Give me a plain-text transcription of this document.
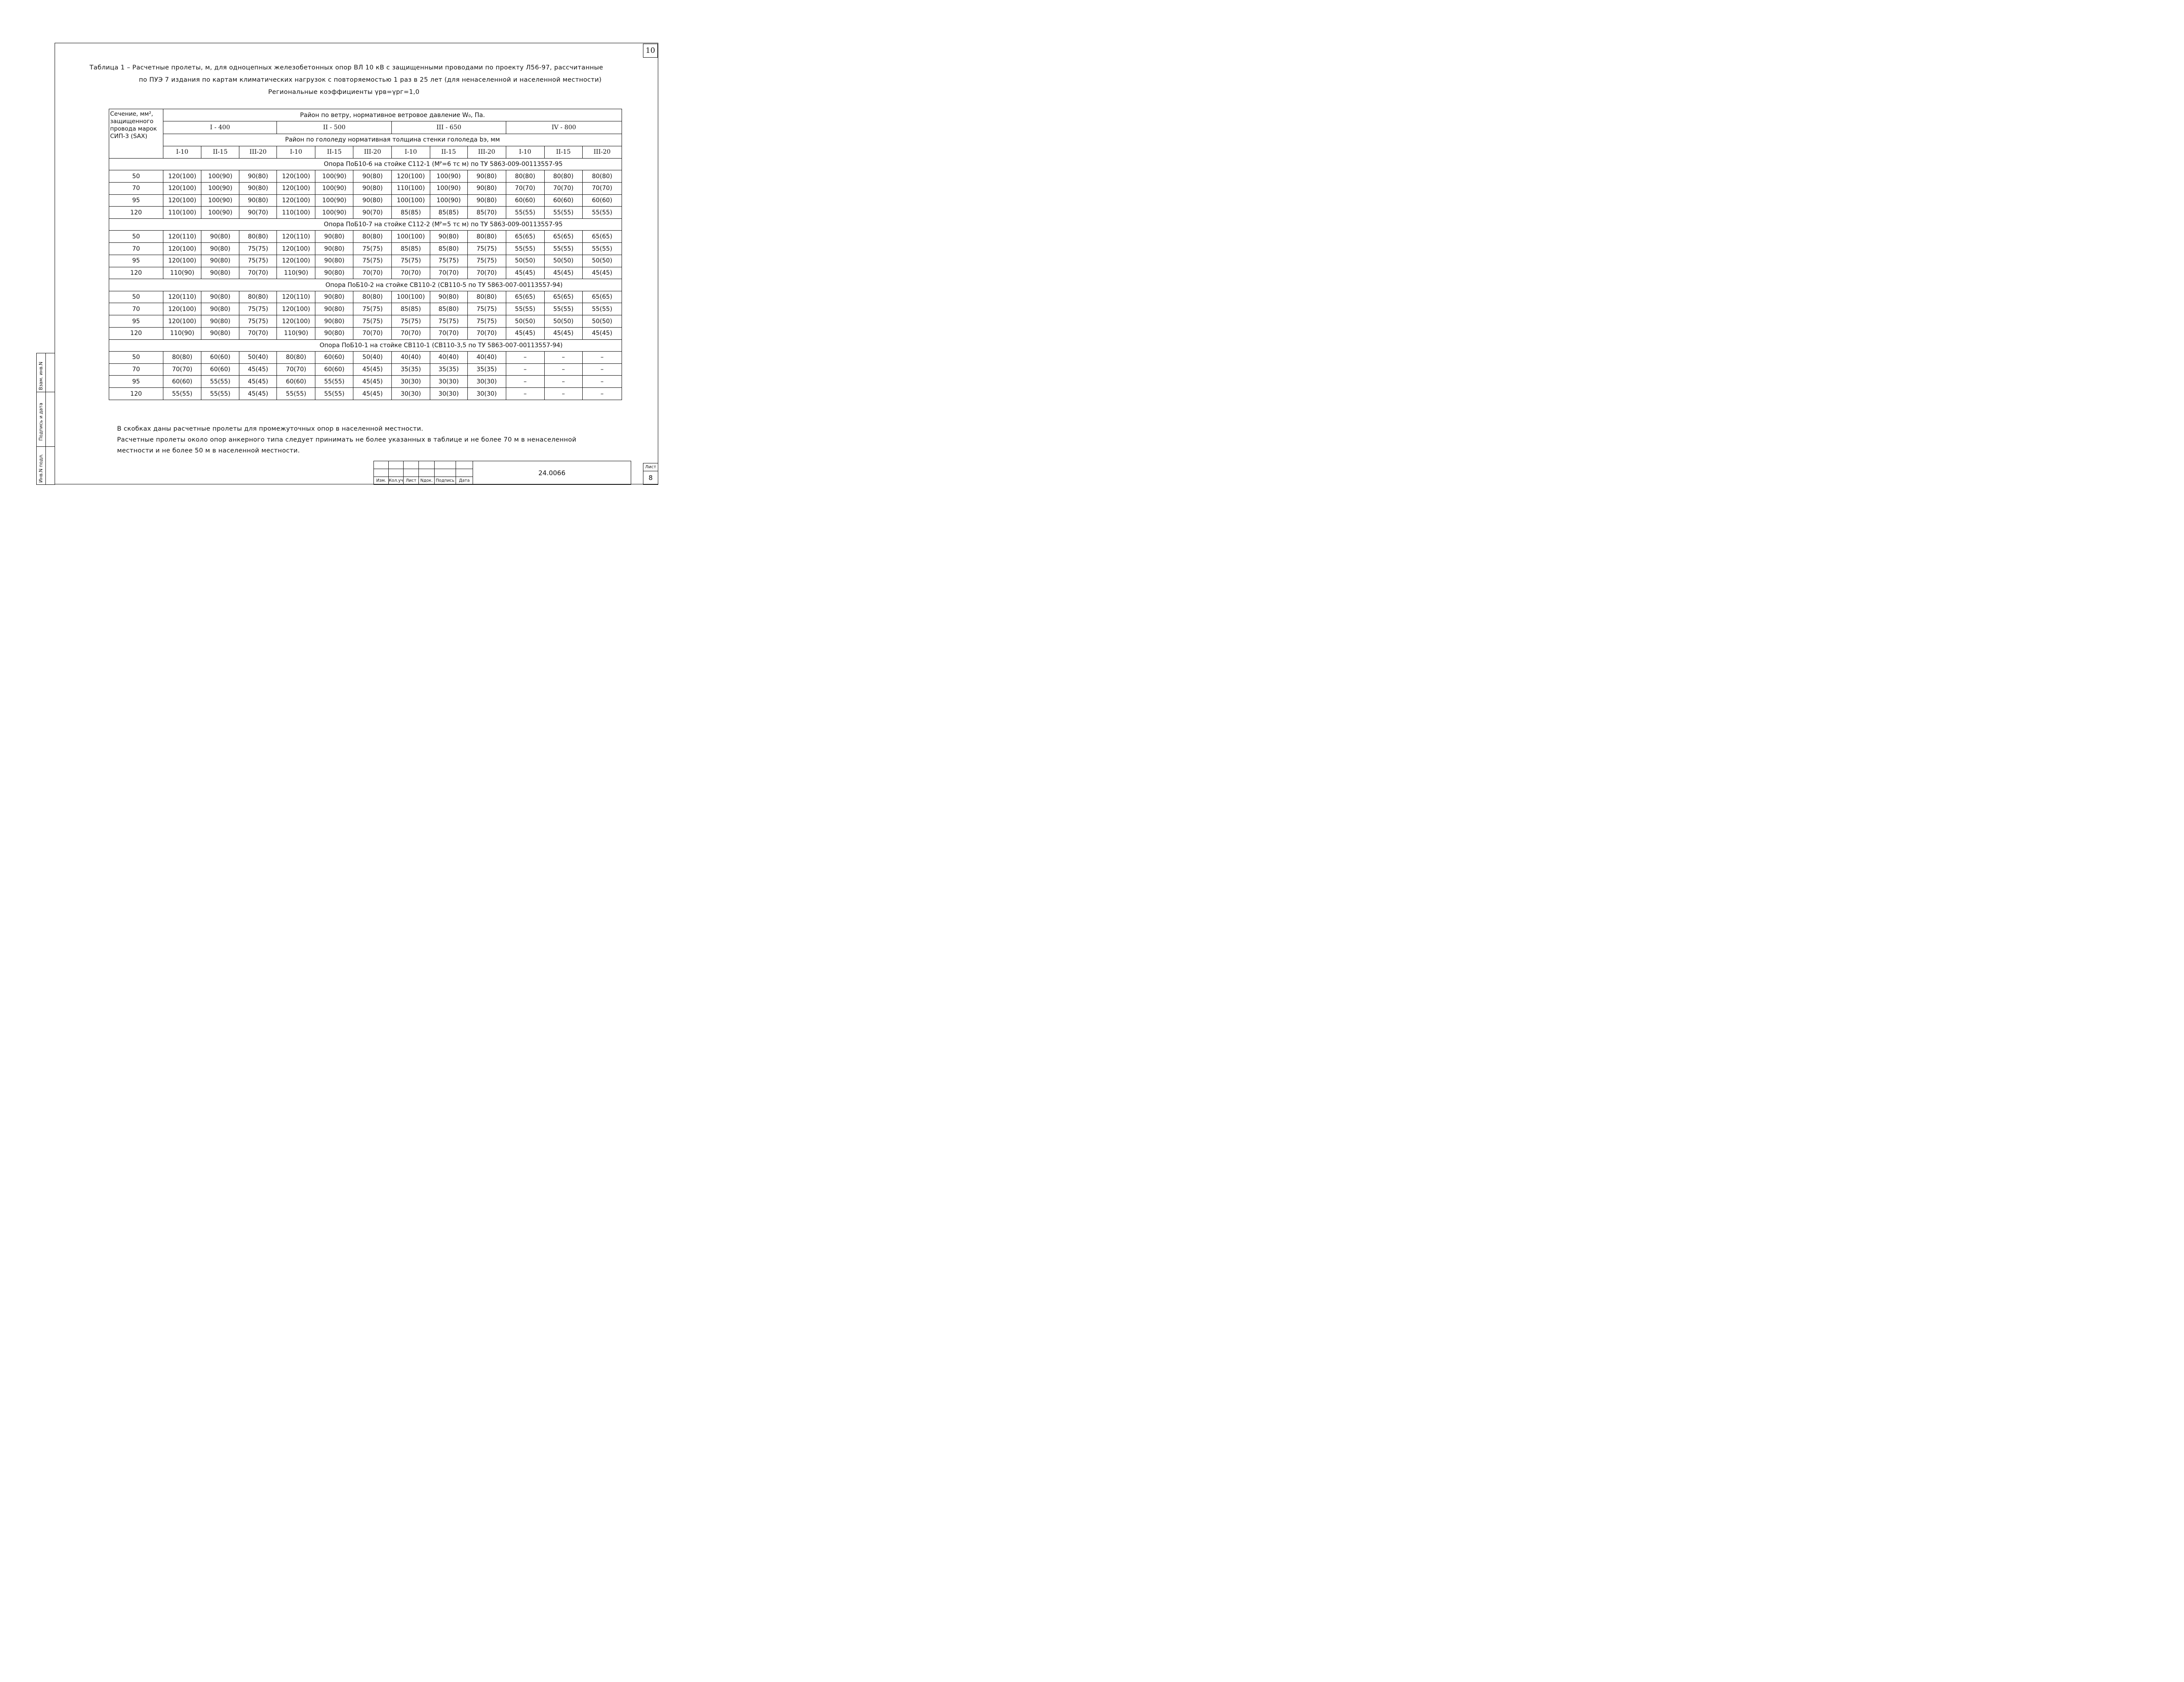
10
Таблица 1 – Расчетные пролеты, м, для одноцепных железобетонных опор ВЛ 10 кВ с защищенными проводами по проекту Л56-97, рассчитанные
по ПУЭ 7 издания по картам климатических нагрузок с повторяемостью 1 раз в 25 лет (для ненаселенной и населенной местности)
Региональные коэффициенты γрв=γрг=1,0
Сечение, мм², защищенного провода марок СИП-3 (SAX)	Район по ветру, нормативное ветровое давление W₀, Па.											
	I - 400			II - 500			III - 650			IV - 800		
	Район по гололеду нормативная толщина стенки гололеда bэ, мм											
	I-10	II-15	III-20	I-10	II-15	III-20	I-10	II-15	III-20	I-10	II-15	III-20
Опора ПоБ10-6 на стойке С112-1 (Мᴾ=6 тс м) по ТУ 5863-009-00113557-95												
50	120(100)	100(90)	90(80)	120(100)	100(90)	90(80)	120(100)	100(90)	90(80)	80(80)	80(80)	80(80)
70	120(100)	100(90)	90(80)	120(100)	100(90)	90(80)	110(100)	100(90)	90(80)	70(70)	70(70)	70(70)
95	120(100)	100(90)	90(80)	120(100)	100(90)	90(80)	100(100)	100(90)	90(80)	60(60)	60(60)	60(60)
120	110(100)	100(90)	90(70)	110(100)	100(90)	90(70)	85(85)	85(85)	85(70)	55(55)	55(55)	55(55)
Опора ПоБ10-7 на стойке С112-2 (Мᴾ=5 тс м) по ТУ 5863-009-00113557-95												
50	120(110)	90(80)	80(80)	120(110)	90(80)	80(80)	100(100)	90(80)	80(80)	65(65)	65(65)	65(65)
70	120(100)	90(80)	75(75)	120(100)	90(80)	75(75)	85(85)	85(80)	75(75)	55(55)	55(55)	55(55)
95	120(100)	90(80)	75(75)	120(100)	90(80)	75(75)	75(75)	75(75)	75(75)	50(50)	50(50)	50(50)
120	110(90)	90(80)	70(70)	110(90)	90(80)	70(70)	70(70)	70(70)	70(70)	45(45)	45(45)	45(45)
Опора ПоБ10-2 на стойке СВ110-2 (СВ110-5 по ТУ 5863-007-00113557-94)												
50	120(110)	90(80)	80(80)	120(110)	90(80)	80(80)	100(100)	90(80)	80(80)	65(65)	65(65)	65(65)
70	120(100)	90(80)	75(75)	120(100)	90(80)	75(75)	85(85)	85(80)	75(75)	55(55)	55(55)	55(55)
95	120(100)	90(80)	75(75)	120(100)	90(80)	75(75)	75(75)	75(75)	75(75)	50(50)	50(50)	50(50)
120	110(90)	90(80)	70(70)	110(90)	90(80)	70(70)	70(70)	70(70)	70(70)	45(45)	45(45)	45(45)
Опора ПоБ10-1 на стойке СВ110-1 (СВ110-3,5 по ТУ 5863-007-00113557-94)												
50	80(80)	60(60)	50(40)	80(80)	60(60)	50(40)	40(40)	40(40)	40(40)	–	–	–
70	70(70)	60(60)	45(45)	70(70)	60(60)	45(45)	35(35)	35(35)	35(35)	–	–	–
95	60(60)	55(55)	45(45)	60(60)	55(55)	45(45)	30(30)	30(30)	30(30)	–	–	–
120	55(55)	55(55)	45(45)	55(55)	55(55)	45(45)	30(30)	30(30)	30(30)	–	–	–
В скобках даны расчетные пролеты для промежуточных опор в населенной местности.
Расчетные пролеты около опор анкерного типа следует принимать не более указанных в таблице и не более 70 м в ненаселенной
местности и не более 50 м в населенной местности.
Взам. инв.N
Подпись и дата
Инв.N подл.

						Изм.	Кол.уч	Лист	Nдок.	Подпись	Дата
24.0066
Лист
8
